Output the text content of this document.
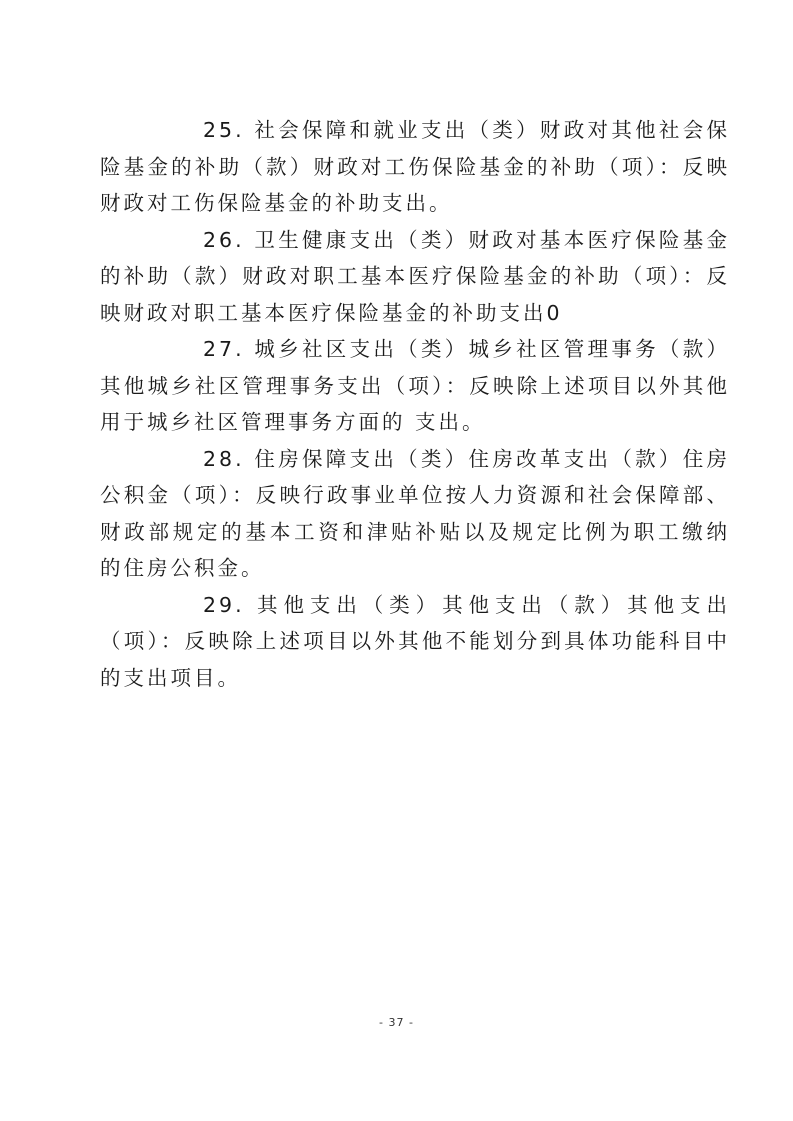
25. 社会保障和就业支出（类）财政对其他社会保险基金的补助（款）财政对工伤保险基金的补助（项）：反映财政对工伤保险基金的补助支出。

26. 卫生健康支出（类）财政对基本医疗保险基金的补助（款）财政对职工基本医疗保险基金的补助（项）：反映财政对职工基本医疗保险基金的补助支出0

27. 城乡社区支出（类）城乡社区管理事务（款）其他城乡社区管理事务支出（项）：反映除上述项目以外其他用于城乡社区管理事务方面的 支出。

28. 住房保障支出（类）住房改革支出（款）住房公积金（项）：反映行政事业单位按人力资源和社会保障部、财政部规定的基本工资和津贴补贴以及规定比例为职工缴纳的住房公积金。

29. 其他支出（类）其他支出（款）其他支出（项）：反映除上述项目以外其他不能划分到具体功能科目中的支出项目。

- 37 -
